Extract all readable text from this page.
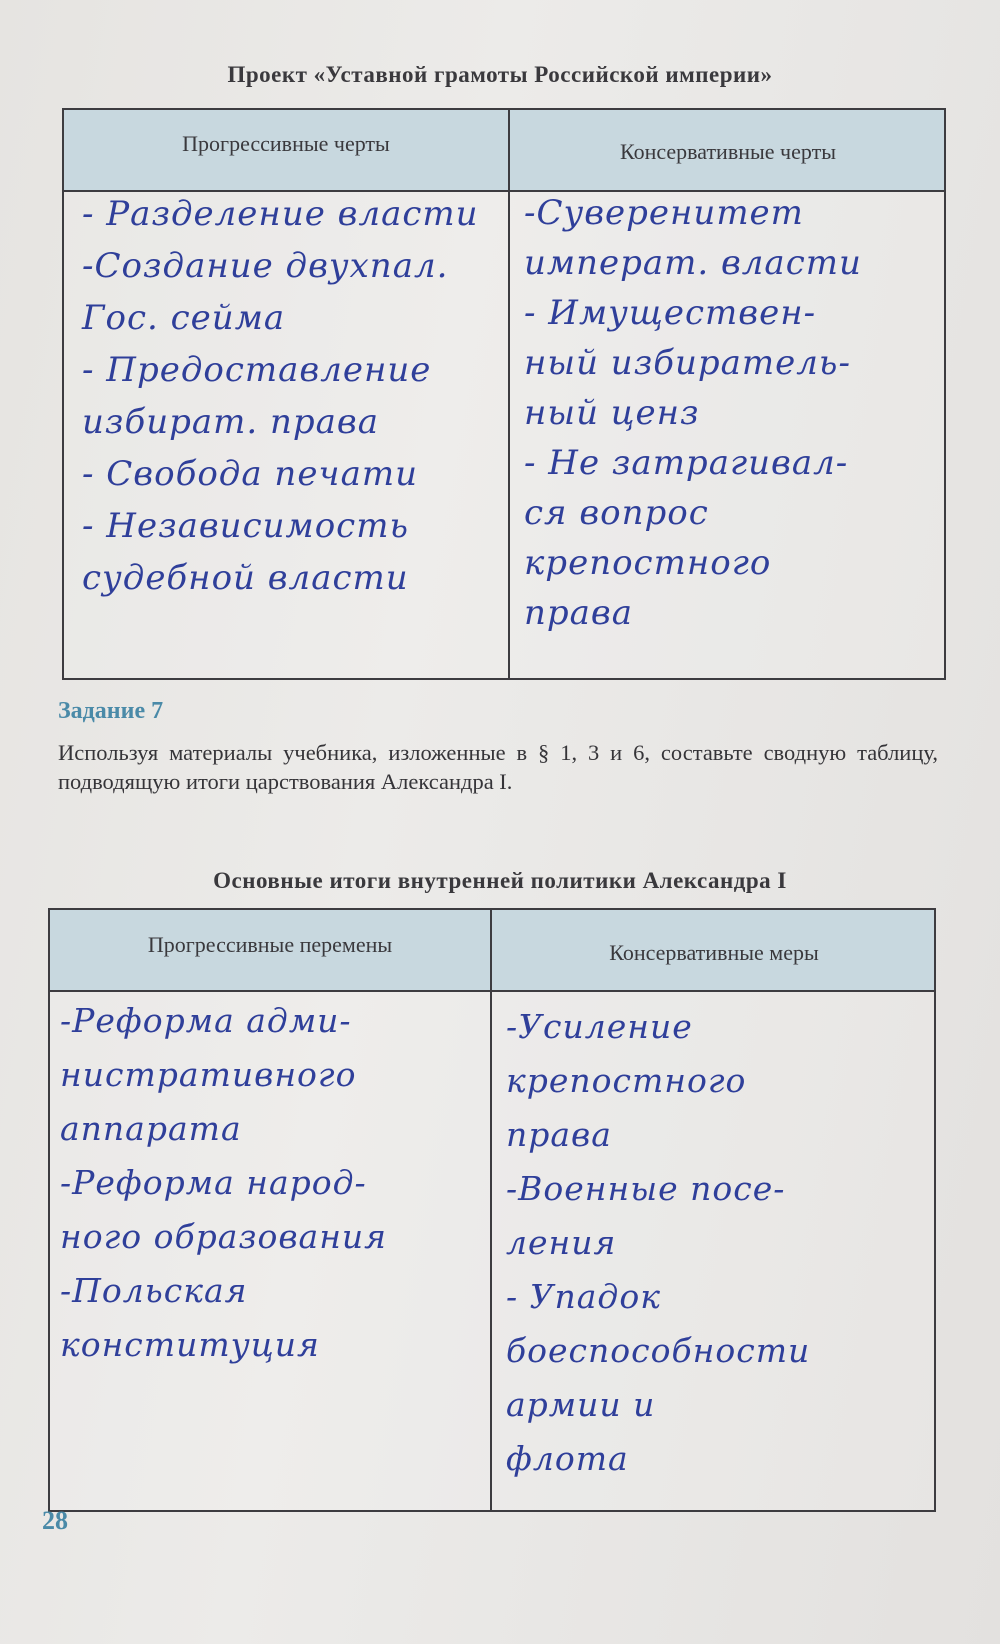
Проект «Уставной грамоты Российской империи»
Прогрессивные черты	Консервативные черты
- Разделение власти
-Создание двухпал.
Гос. сейма
- Предоставление
избират. права
- Свобода печати
- Независимость
судебной власти
-Суверенитет
императ. власти
- Имуществен-
ный избиратель-
ный ценз
- Не затрагивал-
ся вопрос
крепостного
права
Задание 7
Используя материалы учебника, изложенные в § 1, 3 и 6, составьте сводную таблицу, подводящую итоги царствования Александра I.
Основные итоги внутренней политики Александра I
Прогрессивные перемены	Консервативные меры
-Реформа адми-
нистративного
аппарата
-Реформа народ-
ного образования
-Польская
конституция
-Усиление
крепостного
права
-Военные посе-
ления
- Упадок
боеспособности
армии и
флота
28
